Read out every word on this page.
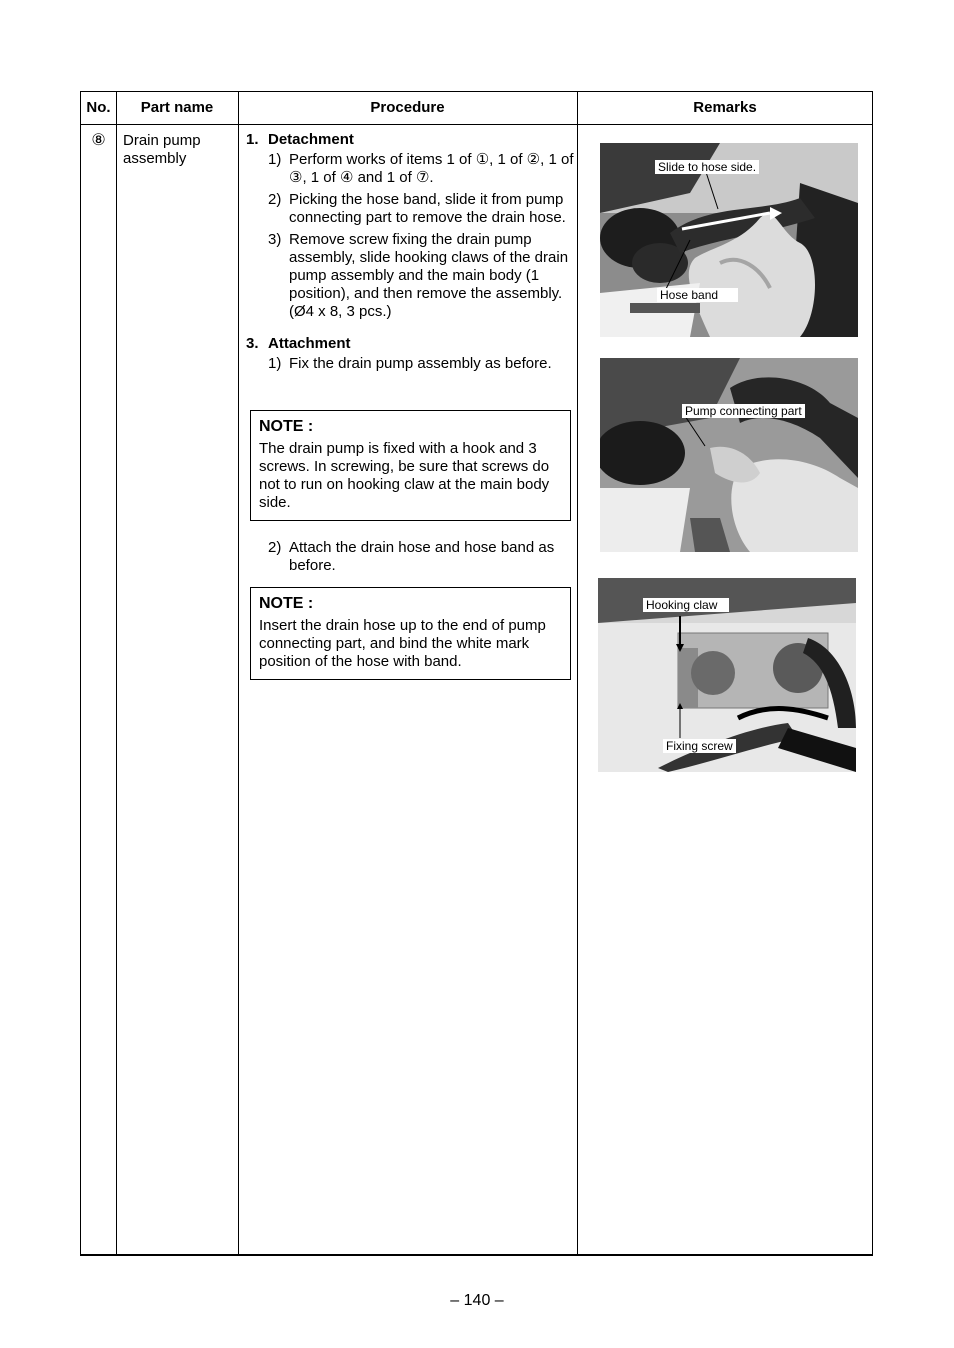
No.	Part name	Procedure	Remarks
⑧	Drain pump assembly

1. Detachment

1) Perform works of items 1 of ①, 1 of ②, 1 of ③, 1 of ④ and 1 of ⑦.
2) Picking the hose band, slide it from pump connecting part to remove the drain hose.
3) Remove screw fixing the drain pump assembly, slide hooking claws of the drain pump assembly and the main body (1 position), and then remove the assembly. (Ø4 x 8, 3 pcs.)

3. Attachment

1) Fix the drain pump assembly as before.
NOTE :
The drain pump is fixed with a hook and 3 screws. In screwing, be sure that screws do not to run on hooking claw at the main body side.
2) Attach the drain hose and hose band as before.
NOTE :
Insert the drain hose up to the end of pump connecting part, and bind the white mark position of the hose with band.
Slide to hose side.
Hose band
Pump connecting part
Hooking claw
Fixing screw
– 140 –
